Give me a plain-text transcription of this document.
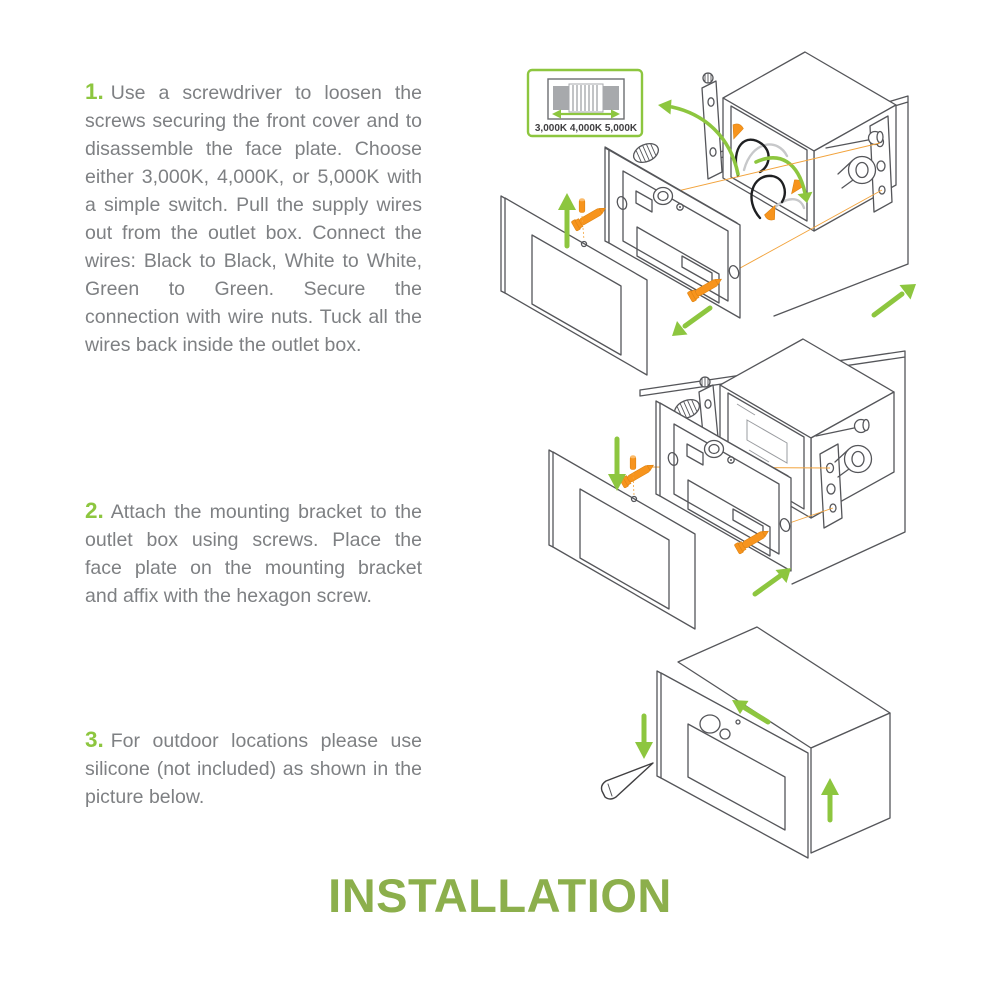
1. Use a screwdriver to loosen the screws securing the front cover and to disassemble the face plate. Choose either 3,000K, 4,000K, or 5,000K with a simple switch. Pull the supply wires out from the outlet box. Connect the wires: Black to Black, White to White, Green to Green. Secure the connection with wire nuts. Tuck all the wires back inside the outlet box.

2. Attach the mounting bracket to the outlet box using screws. Place the face plate on the mounting bracket and affix with the hexagon screw.

3. For outdoor locations please use silicone (not included) as shown in the picture below.

3,000K 4,000K 5,000K
INSTALLATION
